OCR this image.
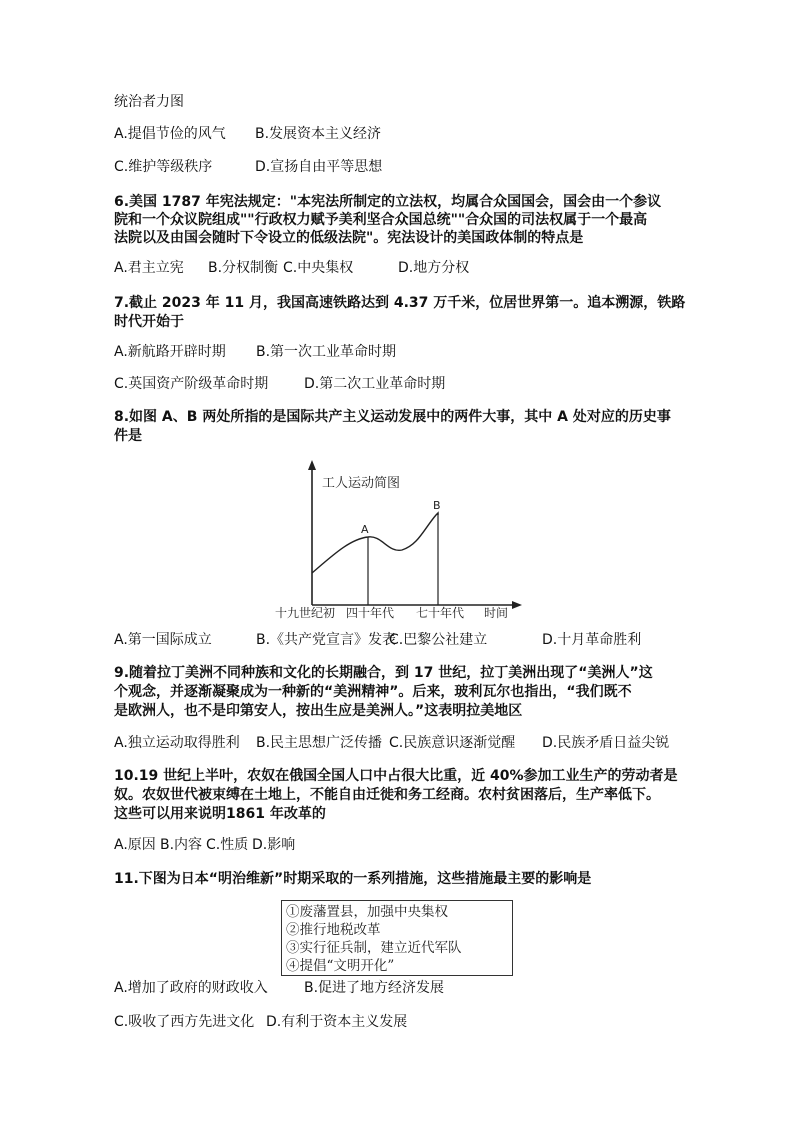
统治者力图
A.提倡节俭的风气 B.发展资本主义经济
C.维护等级秩序	D.宣扬自由平等思想
6.美国 1787 年宪法规定："本宪法所制定的立法权，均属合众国国会，国会由一个参议
院和一个众议院组成""行政权力赋予美利坚合众国总统""合众国的司法权属于一个最高
法院以及由国会随时下令设立的低级法院"。宪法设计的美国政体制的特点是
A.君主立宪 B.分权制衡 C.中央集权	D.地方分权
7.截止 2023 年 11 月，我国高速铁路达到 4.37 万千米，位居世界第一。追本溯源，铁路
时代开始于
A.新航路开辟时期 B.第一次工业革命时期
C.英国资产阶级革命时期	D.第二次工业革命时期
8.如图 A、B 两处所指的是国际共产主义运动发展中的两件大事，其中 A 处对应的历史事
件是
工人运动简图
A
B
十九世纪初 四十年代 七十年代 时间
A.第一国际成立	B.《共产党宣言》发表
C.巴黎公社建立	D.十月革命胜利
9.随着拉丁美洲不同种族和文化的长期融合，到 17 世纪，拉丁美洲出现了“美洲人”这
个观念，并逐渐凝聚成为一种新的“美洲精神”。后来，玻利瓦尔也指出，“我们既不
是欧洲人，也不是印第安人，按出生应是美洲人。”这表明拉美地区
A.独立运动取得胜利 B.民主思想广泛传播 C.民族意识逐渐觉醒 D.民族矛盾日益尖锐
10.19 世纪上半叶，农奴在俄国全国人口中占很大比重，近 40%参加工业生产的劳动者是
奴。农奴世代被束缚在土地上，不能自由迁徙和务工经商。农村贫困落后，生产率低下。
这些可以用来说明1861 年改革的
A.原因 B.内容 C.性质 D.影响
11.下图为日本“明治维新”时期采取的一系列措施，这些措施最主要的影响是
①废藩置县，加强中央集权
②推行地税改革
③实行征兵制，建立近代军队
④提倡“文明开化”
A.增加了政府的财政收入	B.促进了地方经济发展
C.吸收了西方先进文化 D.有利于资本主义发展
